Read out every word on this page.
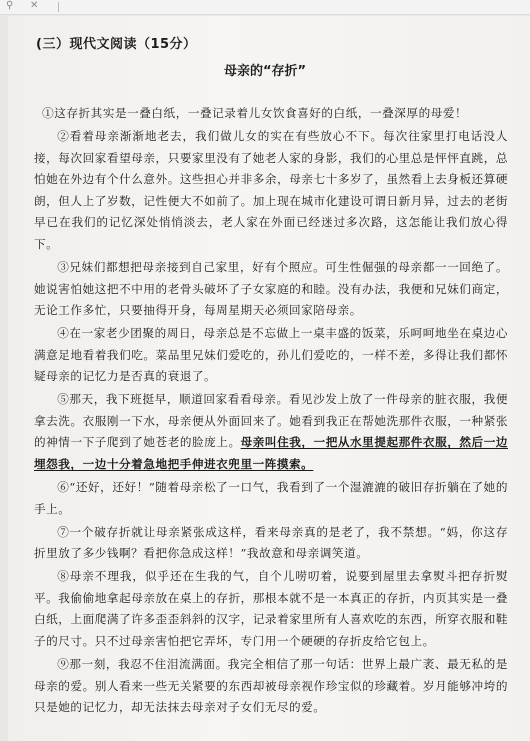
⚲ ✕
(三）现代文阅读（15分）
母亲的“存折”

①这存折其实是一叠白纸，一叠记录着儿女饮食喜好的白纸，一叠深厚的母爱！

②看着母亲渐渐地老去，我们做儿女的实在有些放心不下。每次往家里打电话没人接，每次回家看望母亲，只要家里没有了她老人家的身影，我们的心里总是怦怦直跳，总怕她在外边有个什么意外。这些担心并非多余，母亲七十多岁了，虽然看上去身板还算硬朗，但人上了岁数，记性便大不如前了。加上现在城市化建设可谓日新月异，过去的老街早已在我们的记忆深处悄悄淡去，老人家在外面已经迷过多次路，这怎能让我们放心得下。

③兄妹们都想把母亲接到自己家里，好有个照应。可生性倔强的母亲都一一回绝了。她说害怕她这把不中用的老骨头破坏了子女家庭的和睦。没有办法，我便和兄妹们商定，无论工作多忙，只要抽得开身，每周星期天必须回家陪母亲。

④在一家老少团聚的周日，母亲总是不忘做上一桌丰盛的饭菜，乐呵呵地坐在桌边心满意足地看着我们吃。菜品里兄妹们爱吃的，孙儿们爱吃的，一样不差，多得让我们都怀疑母亲的记忆力是否真的衰退了。

⑤那天，我下班挺早，顺道回家看看母亲。看见沙发上放了一件母亲的脏衣服，我便拿去洗。衣服刚一下水，母亲便从外面回来了。她看到我正在帮她洗那件衣服，一种紧张的神情一下子爬到了她苍老的脸庞上。母亲叫住我，一把从水里提起那件衣服，然后一边埋怨我，一边十分着急地把手伸进衣兜里一阵摸索。

⑥“还好，还好！”随着母亲松了一口气，我看到了一个湿漉漉的破旧存折躺在了她的手上。

⑦一个破存折就让母亲紧张成这样，看来母亲真的是老了，我不禁想。“妈，你这存折里放了多少钱啊？看把你急成这样！”我故意和母亲调笑道。

⑧母亲不理我，似乎还在生我的气，自个儿唠叨着，说要到屋里去拿熨斗把存折熨平。我偷偷地拿起母亲放在桌上的存折，那根本就不是一本真正的存折，内页其实是一叠白纸，上面爬满了许多歪歪斜斜的汉字，记录着家里所有人喜欢吃的东西，所穿衣服和鞋子的尺寸。只不过母亲害怕把它弄坏，专门用一个硬硬的存折皮给它包上。

⑨那一刻，我忍不住泪流满面。我完全相信了那一句话：世界上最广袤、最无私的是母亲的爱。别人看来一些无关紧要的东西却被母亲视作珍宝似的珍藏着。岁月能够冲垮的只是她的记忆力，却无法抹去母亲对子女们无尽的爱。
